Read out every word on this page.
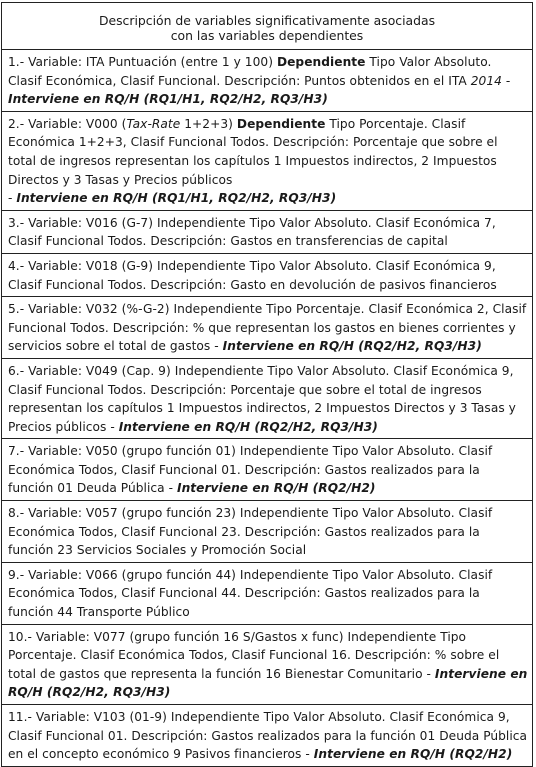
Descripción de variables significativamente asociadas
con las variables dependientes
1.- Variable: ITA Puntuación (entre 1 y 100) Dependiente Tipo Valor Absoluto. Clasif Económica, Clasif Funcional. Descripción: Puntos obtenidos en el ITA 2014 - Interviene en RQ/H (RQ1/H1, RQ2/H2, RQ3/H3)
2.- Variable: V000 (Tax-Rate 1+2+3) Dependiente Tipo Porcentaje. Clasif Económica 1+2+3, Clasif Funcional Todos. Descripción: Porcentaje que sobre el total de ingresos representan los capítulos 1 Impuestos indirectos, 2 Impuestos Directos y 3 Tasas y Precios públicos
- Interviene en RQ/H (RQ1/H1, RQ2/H2, RQ3/H3)
3.- Variable: V016 (G-7) Independiente Tipo Valor Absoluto. Clasif Económica 7, Clasif Funcional Todos. Descripción: Gastos en transferencias de capital
4.- Variable: V018 (G-9) Independiente Tipo Valor Absoluto. Clasif Económica 9, Clasif Funcional Todos. Descripción: Gasto en devolución de pasivos financieros
5.- Variable: V032 (%-G-2) Independiente Tipo Porcentaje. Clasif Económica 2, Clasif Funcional Todos. Descripción: % que representan los gastos en bienes corrientes y servicios sobre el total de gastos - Interviene en RQ/H (RQ2/H2, RQ3/H3)
6.- Variable: V049 (Cap. 9) Independiente Tipo Valor Absoluto. Clasif Económica 9, Clasif Funcional Todos. Descripción: Porcentaje que sobre el total de ingresos representan los capítulos 1 Impuestos indirectos, 2 Impuestos Directos y 3 Tasas y Precios públicos - Interviene en RQ/H (RQ2/H2, RQ3/H3)
7.- Variable: V050 (grupo función 01) Independiente Tipo Valor Absoluto. Clasif Económica Todos, Clasif Funcional 01. Descripción: Gastos realizados para la función 01 Deuda Pública - Interviene en RQ/H (RQ2/H2)
8.- Variable: V057 (grupo función 23) Independiente Tipo Valor Absoluto. Clasif Económica Todos, Clasif Funcional 23. Descripción: Gastos realizados para la función 23 Servicios Sociales y Promoción Social
9.- Variable: V066 (grupo función 44) Independiente Tipo Valor Absoluto. Clasif Económica Todos, Clasif Funcional 44. Descripción: Gastos realizados para la función 44 Transporte Público
10.- Variable: V077 (grupo función 16 S/Gastos x func) Independiente Tipo Porcentaje. Clasif Económica Todos, Clasif Funcional 16. Descripción: % sobre el total de gastos que representa la función 16 Bienestar Comunitario - Interviene en RQ/H (RQ2/H2, RQ3/H3)
11.- Variable: V103 (01-9) Independiente Tipo Valor Absoluto. Clasif Económica 9, Clasif Funcional 01. Descripción: Gastos realizados para la función 01 Deuda Pública en el concepto económico 9 Pasivos financieros - Interviene en RQ/H (RQ2/H2)
